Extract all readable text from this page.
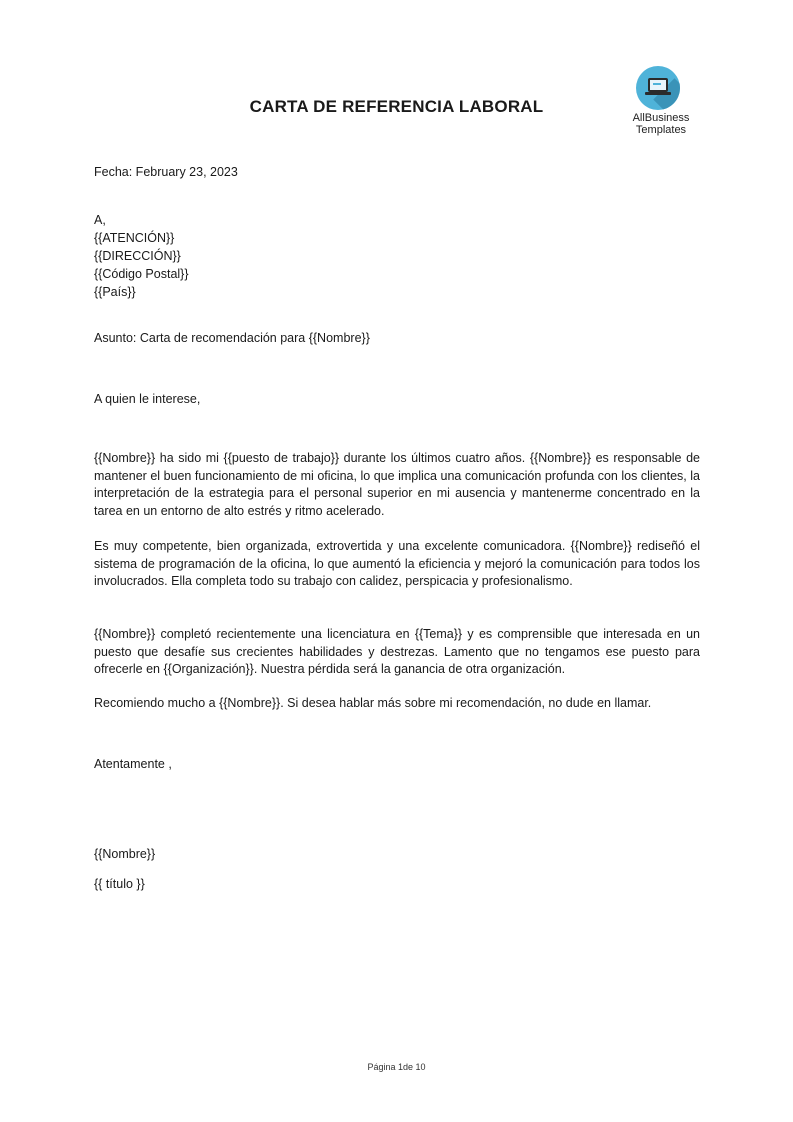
CARTA DE REFERENCIA LABORAL
AllBusiness
Templates
Fecha: February 23, 2023
A,
{{ATENCIÓN}}
{{DIRECCIÓN}}
{{Código Postal}}
{{País}}
Asunto: Carta de recomendación para {{Nombre}}
A quien le interese,
{{Nombre}} ha sido mi {{puesto de trabajo}} durante los últimos cuatro años. {{Nombre}} es responsable de mantener el buen funcionamiento de mi oficina, lo que implica una comunicación profunda con los clientes, la interpretación de la estrategia para el personal superior en mi ausencia y mantenerme concentrado en la tarea en un entorno de alto estrés y ritmo acelerado.
Es muy competente, bien organizada, extrovertida y una excelente comunicadora. {{Nombre}} rediseñó el sistema de programación de la oficina, lo que aumentó la eficiencia y mejoró la comunicación para todos los involucrados. Ella completa todo su trabajo con calidez, perspicacia y profesionalismo.
{{Nombre}} completó recientemente una licenciatura en {{Tema}} y es comprensible que interesada en un puesto que desafíe sus crecientes habilidades y destrezas. Lamento que no tengamos ese puesto para ofrecerle en {{Organización}}. Nuestra pérdida será la ganancia de otra organización.
Recomiendo mucho a {{Nombre}}. Si desea hablar más sobre mi recomendación, no dude en llamar.
Atentamente ,
{{Nombre}}
{{ título }}
Página 1de 10
